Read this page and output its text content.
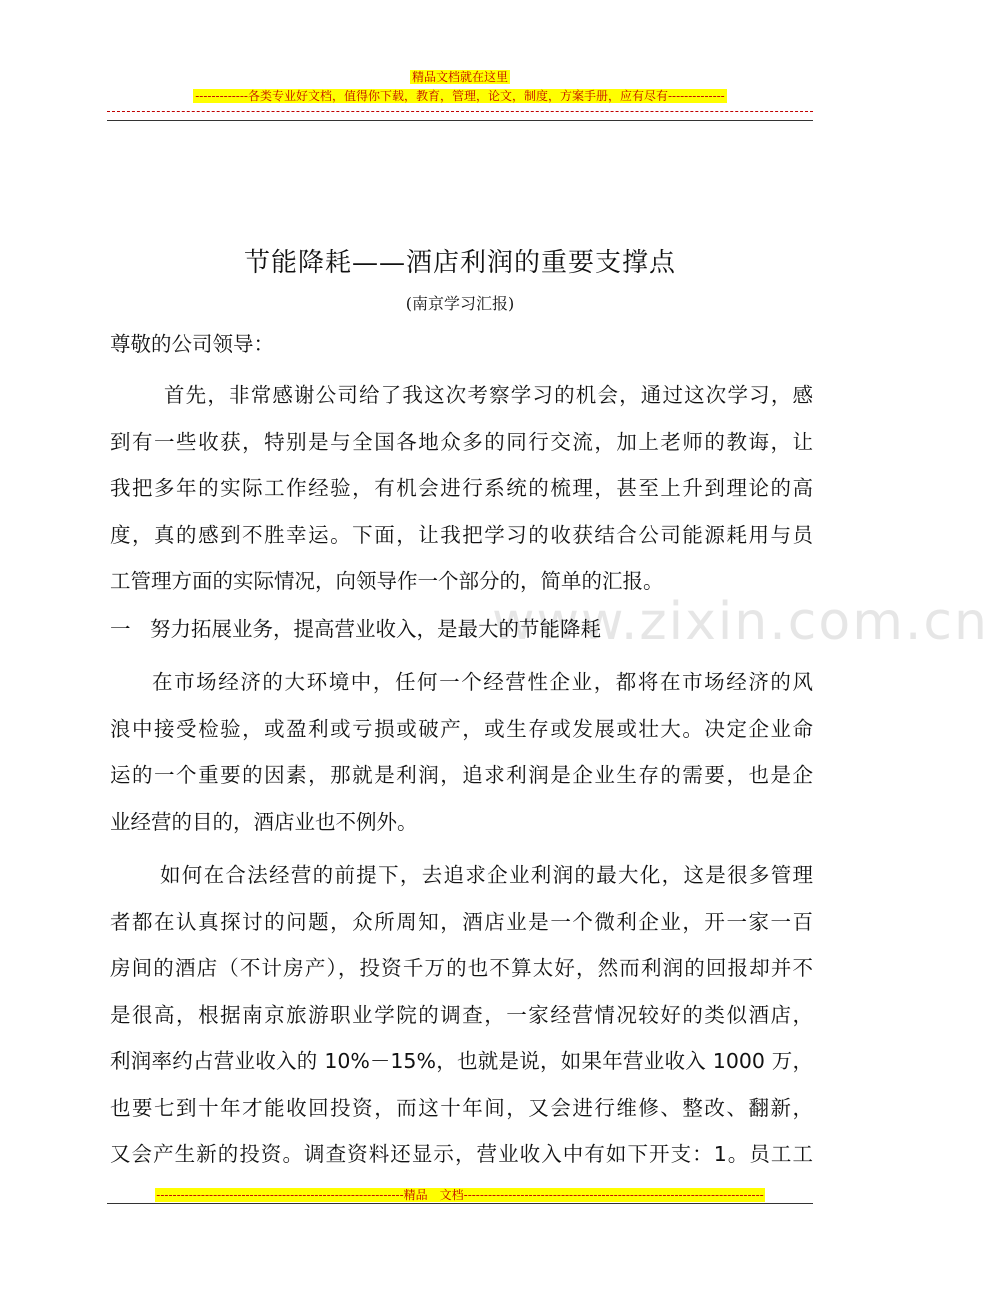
精品文档就在这里
-------------各类专业好文档，值得你下载，教育，管理，论文，制度，方案手册，应有尽有--------------
www.zixin.com.cn
节能降耗——酒店利润的重要支撑点
(南京学习汇报)
尊敬的公司领导：
首先，非常感谢公司给了我这次考察学习的机会，通过这次学习，感
到有一些收获，特别是与全国各地众多的同行交流，加上老师的教诲，让
我把多年的实际工作经验，有机会进行系统的梳理，甚至上升到理论的高
度，真的感到不胜幸运。下面，让我把学习的收获结合公司能源耗用与员
工管理方面的实际情况，向领导作一个部分的，简单的汇报。
一 努力拓展业务，提高营业收入，是最大的节能降耗
在市场经济的大环境中，任何一个经营性企业，都将在市场经济的风
浪中接受检验，或盈利或亏损或破产，或生存或发展或壮大。决定企业命
运的一个重要的因素，那就是利润，追求利润是企业生存的需要，也是企
业经营的目的，酒店业也不例外。
如何在合法经营的前提下，去追求企业利润的最大化，这是很多管理
者都在认真探讨的问题，众所周知，酒店业是一个微利企业，开一家一百
房间的酒店（不计房产），投资千万的也不算太好，然而利润的回报却并不
是很高，根据南京旅游职业学院的调查，一家经营情况较好的类似酒店，
利润率约占营业收入的 10%－15%，也就是说，如果年营业收入 1000 万，
也要七到十年才能收回投资，而这十年间，又会进行维修、整改、翻新，
又会产生新的投资。调查资料还显示，营业收入中有如下开支：1。员工工
-------------------------------------------------------------精品　文档--------------------------------------------------------------------------
